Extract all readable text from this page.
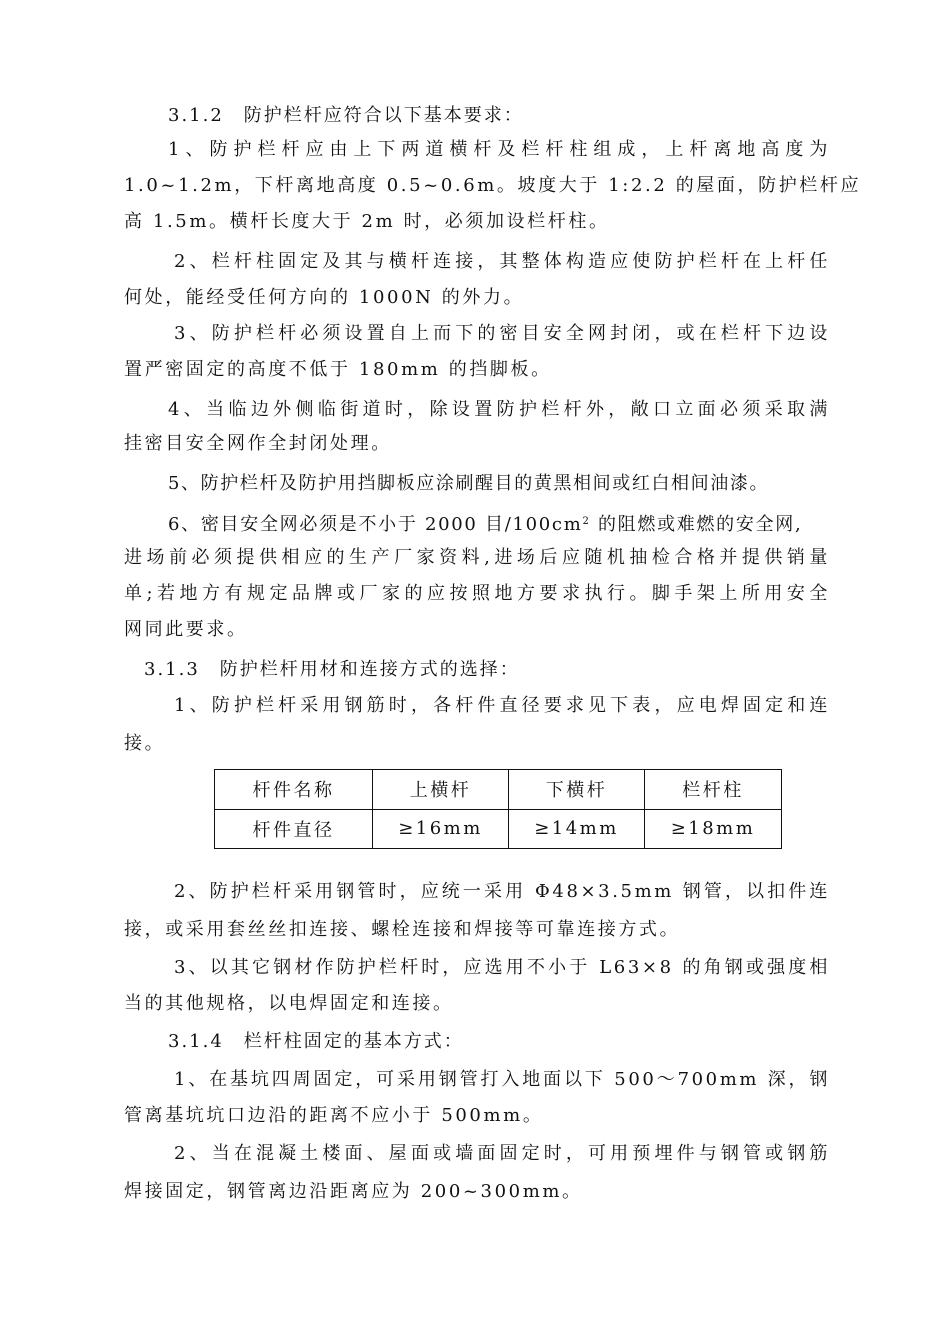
3.1.2　防护栏杆应符合以下基本要求：
1、防护栏杆应由上下两道横杆及栏杆柱组成，上杆离地高度为
1.0~1.2m，下杆离地高度 0.5~0.6m。坡度大于 1:2.2 的屋面，防护栏杆应
高 1.5m。横杆长度大于 2m 时，必须加设栏杆柱。
2、栏杆柱固定及其与横杆连接，其整体构造应使防护栏杆在上杆任
何处，能经受任何方向的 1000N 的外力。
3、防护栏杆必须设置自上而下的密目安全网封闭，或在栏杆下边设
置严密固定的高度不低于 180mm 的挡脚板。
4、当临边外侧临街道时，除设置防护栏杆外，敞口立面必须采取满
挂密目安全网作全封闭处理。
5、防护栏杆及防护用挡脚板应涂刷醒目的黄黑相间或红白相间油漆。
6、密目安全网必须是不小于 2000 目$/100cm^2$ 的阻燃或难燃的安全网,
进场前必须提供相应的生产厂家资料,进场后应随机抽检合格并提供销量
单;若地方有规定品牌或厂家的应按照地方要求执行。脚手架上所用安全
网同此要求。
3.1.3　防护栏杆用材和连接方式的选择：
1、防护栏杆采用钢筋时，各杆件直径要求见下表，应电焊固定和连
接。
杆件名称	上横杆	下横杆	栏杆柱
杆件直径	≥16mm	≥14mm	≥18mm
2、防护栏杆采用钢管时，应统一采用 Φ48×3.5mm 钢管，以扣件连
接，或采用套丝丝扣连接、螺栓连接和焊接等可靠连接方式。
3、以其它钢材作防护栏杆时，应选用不小于 L63×8 的角钢或强度相
当的其他规格，以电焊固定和连接。
3.1.4　栏杆柱固定的基本方式：
1、在基坑四周固定，可采用钢管打入地面以下 500～700mm 深，钢
管离基坑坑口边沿的距离不应小于 500mm。
2、当在混凝土楼面、屋面或墙面固定时，可用预埋件与钢管或钢筋
焊接固定，钢管离边沿距离应为 200~300mm。
